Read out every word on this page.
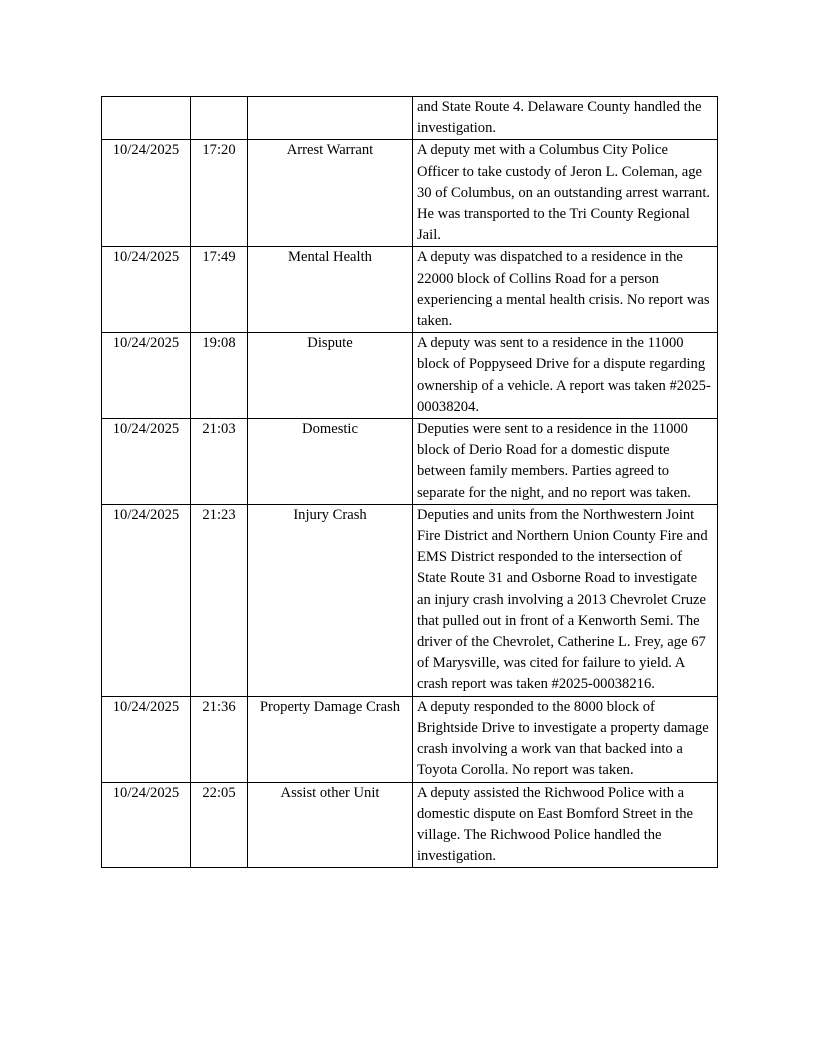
			and State Route 4. Delaware County handled the investigation.
10/24/2025	17:20	Arrest Warrant	A deputy met with a Columbus City Police Officer to take custody of Jeron L. Coleman, age 30 of Columbus, on an outstanding arrest warrant. He was transported to the Tri County Regional Jail.
10/24/2025	17:49	Mental Health	A deputy was dispatched to a residence in the 22000 block of Collins Road for a person experiencing a mental health crisis. No report was taken.
10/24/2025	19:08	Dispute	A deputy was sent to a residence in the 11000 block of Poppyseed Drive for a dispute regarding ownership of a vehicle. A report was taken #2025-00038204.
10/24/2025	21:03	Domestic	Deputies were sent to a residence in the 11000 block of Derio Road for a domestic dispute between family members. Parties agreed to separate for the night, and no report was taken.
10/24/2025	21:23	Injury Crash	Deputies and units from the Northwestern Joint Fire District and Northern Union County Fire and EMS District responded to the intersection of State Route 31 and Osborne Road to investigate an injury crash involving a 2013 Chevrolet Cruze that pulled out in front of a Kenworth Semi. The driver of the Chevrolet, Catherine L. Frey, age 67 of Marysville, was cited for failure to yield. A crash report was taken #2025-00038216.
10/24/2025	21:36	Property Damage Crash	A deputy responded to the 8000 block of Brightside Drive to investigate a property damage crash involving a work van that backed into a Toyota Corolla. No report was taken.
10/24/2025	22:05	Assist other Unit	A deputy assisted the Richwood Police with a domestic dispute on East Bomford Street in the village. The Richwood Police handled the investigation.
